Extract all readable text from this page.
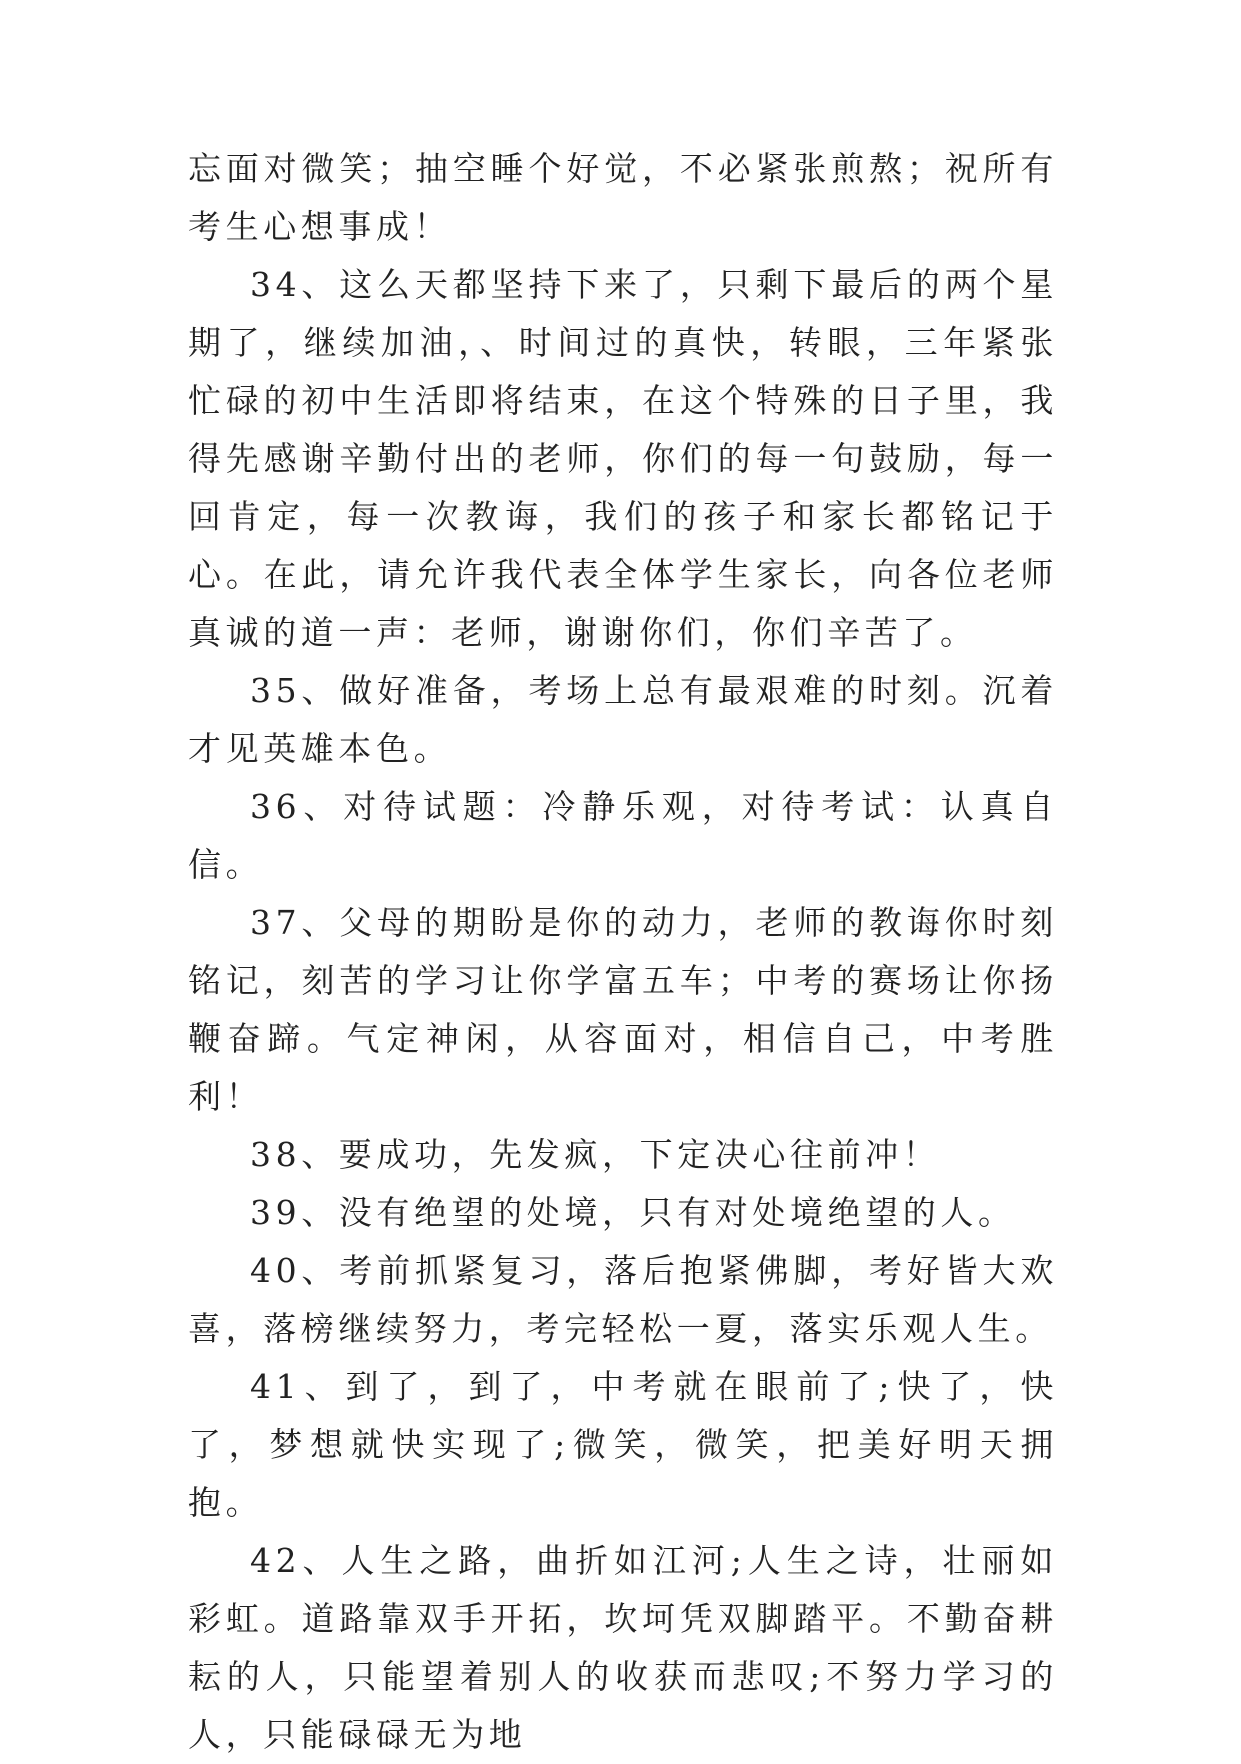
忘面对微笑；抽空睡个好觉，不必紧张煎熬；祝所有考生心想事成！

34、这么天都坚持下来了，只剩下最后的两个星期了，继续加油，、时间过的真快，转眼，三年紧张忙碌的初中生活即将结束，在这个特殊的日子里，我得先感谢辛勤付出的老师，你们的每一句鼓励，每一回肯定，每一次教诲，我们的孩子和家长都铭记于心。在此，请允许我代表全体学生家长，向各位老师真诚的道一声：老师，谢谢你们，你们辛苦了。

35、做好准备，考场上总有最艰难的时刻。沉着才见英雄本色。

36、对待试题：冷静乐观，对待考试：认真自信。

37、父母的期盼是你的动力，老师的教诲你时刻铭记，刻苦的学习让你学富五车；中考的赛场让你扬鞭奋蹄。气定神闲，从容面对，相信自己，中考胜利！

38、要成功，先发疯，下定决心往前冲！

39、没有绝望的处境，只有对处境绝望的人。

40、考前抓紧复习，落后抱紧佛脚，考好皆大欢喜，落榜继续努力，考完轻松一夏，落实乐观人生。

41、到了，到了，中考就在眼前了;快了，快了，梦想就快实现了;微笑，微笑，把美好明天拥抱。

42、人生之路，曲折如江河;人生之诗，壮丽如彩虹。道路靠双手开拓，坎坷凭双脚踏平。不勤奋耕耘的人，只能望着别人的收获而悲叹;不努力学习的人，只能碌碌无为地
